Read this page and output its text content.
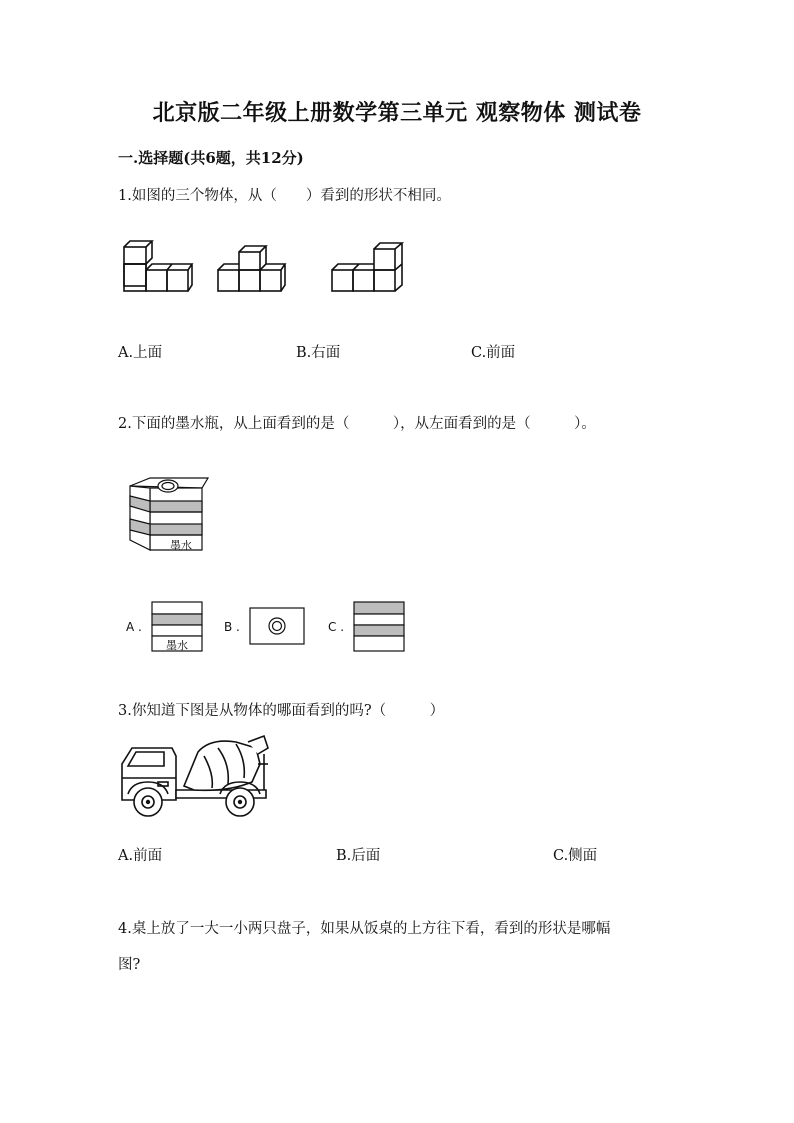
北京版二年级上册数学第三单元 观察物体 测试卷
一.选择题(共6题，共12分)
1.如图的三个物体，从（　　）看到的形状不相同。
A.上面	B.右面	C.前面
2.下面的墨水瓶，从上面看到的是（　　　），从左面看到的是（　　　）。
墨水
A .
墨水
B .	C .
3.你知道下图是从物体的哪面看到的吗?（　　　）
A.前面	B.后面	C.侧面
4.桌上放了一大一小两只盘子，如果从饭桌的上方往下看，看到的形状是哪幅
图?
